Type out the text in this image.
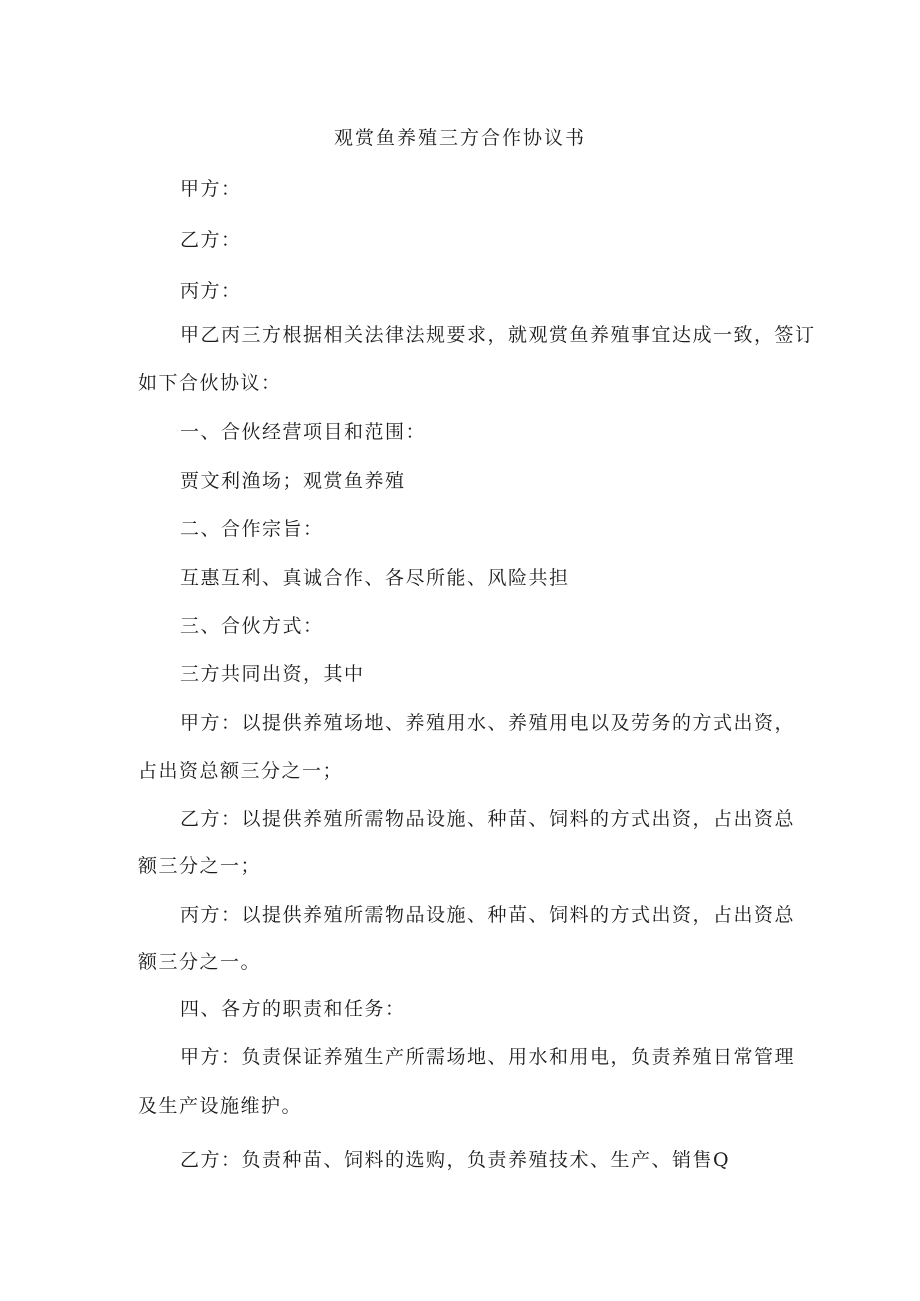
观赏鱼养殖三方合作协议书

甲方：

乙方：

丙方：

甲乙丙三方根据相关法律法规要求，就观赏鱼养殖事宜达成一致，签订

如下合伙协议：

一、合伙经营项目和范围：

贾文利渔场；观赏鱼养殖

二、合作宗旨：

互惠互利、真诚合作、各尽所能、风险共担

三、合伙方式：

三方共同出资，其中

甲方：以提供养殖场地、养殖用水、养殖用电以及劳务的方式出资，

占出资总额三分之一；

乙方：以提供养殖所需物品设施、种苗、饲料的方式出资，占出资总

额三分之一；

丙方：以提供养殖所需物品设施、种苗、饲料的方式出资，占出资总

额三分之一。

四、各方的职责和任务：

甲方：负责保证养殖生产所需场地、用水和用电，负责养殖日常管理

及生产设施维护。

乙方：负责种苗、饲料的选购，负责养殖技术、生产、销售Q
